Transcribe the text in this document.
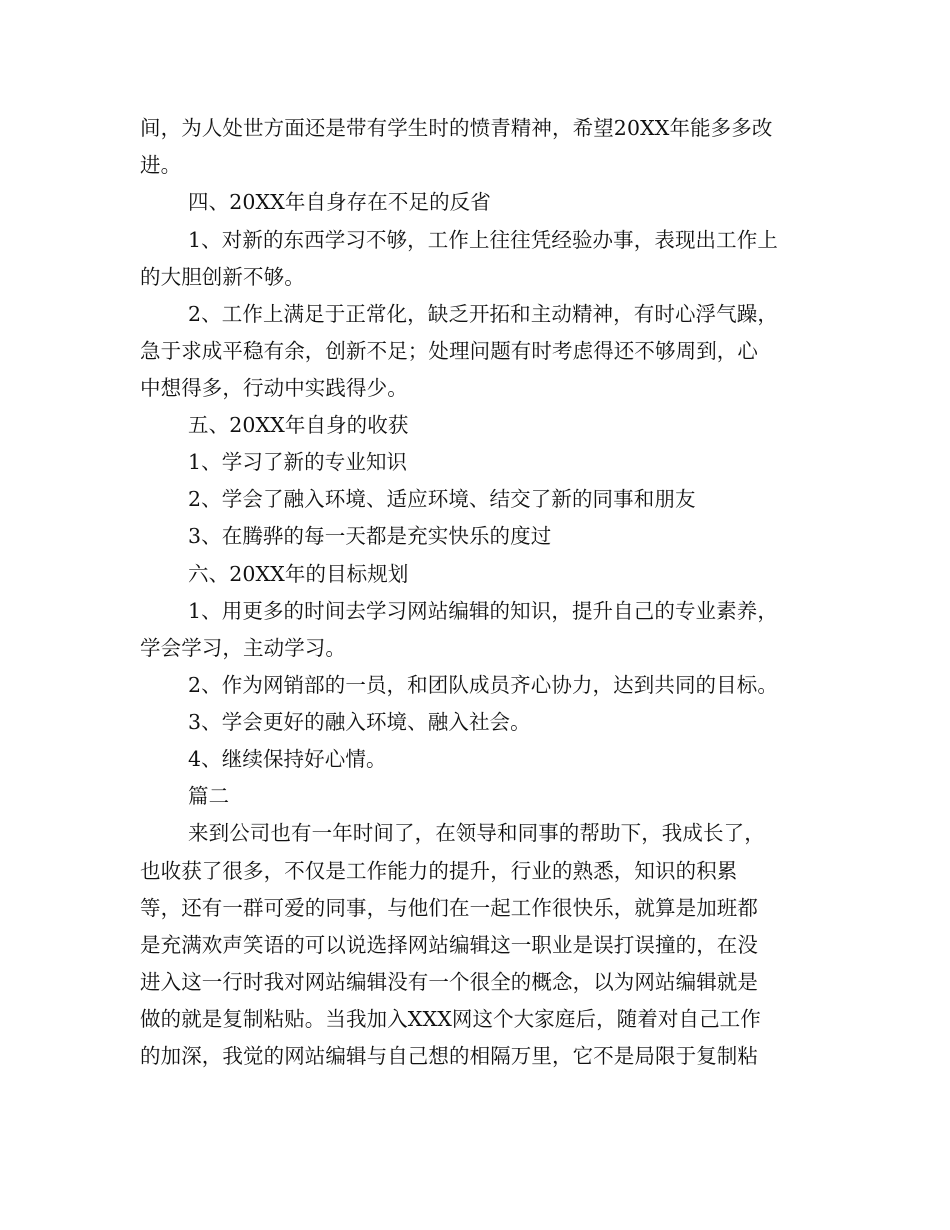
间，为人处世方面还是带有学生时的愤青精神，希望20XX年能多多改
进。
四、20XX年自身存在不足的反省
1、对新的东西学习不够，工作上往往凭经验办事，表现出工作上
的大胆创新不够。
2、工作上满足于正常化，缺乏开拓和主动精神，有时心浮气躁，
急于求成平稳有余，创新不足；处理问题有时考虑得还不够周到，心
中想得多，行动中实践得少。
五、20XX年自身的收获
1、学习了新的专业知识
2、学会了融入环境、适应环境、结交了新的同事和朋友
3、在腾骅的每一天都是充实快乐的度过
六、20XX年的目标规划
1、用更多的时间去学习网站编辑的知识，提升自己的专业素养，
学会学习，主动学习。
2、作为网销部的一员，和团队成员齐心协力，达到共同的目标。
3、学会更好的融入环境、融入社会。
4、继续保持好心情。
篇二
来到公司也有一年时间了，在领导和同事的帮助下，我成长了，
也收获了很多，不仅是工作能力的提升，行业的熟悉，知识的积累
等，还有一群可爱的同事，与他们在一起工作很快乐，就算是加班都
是充满欢声笑语的可以说选择网站编辑这一职业是误打误撞的，在没
进入这一行时我对网站编辑没有一个很全的概念，以为网站编辑就是
做的就是复制粘贴。当我加入XXX网这个大家庭后，随着对自己工作
的加深，我觉的网站编辑与自己想的相隔万里，它不是局限于复制粘
